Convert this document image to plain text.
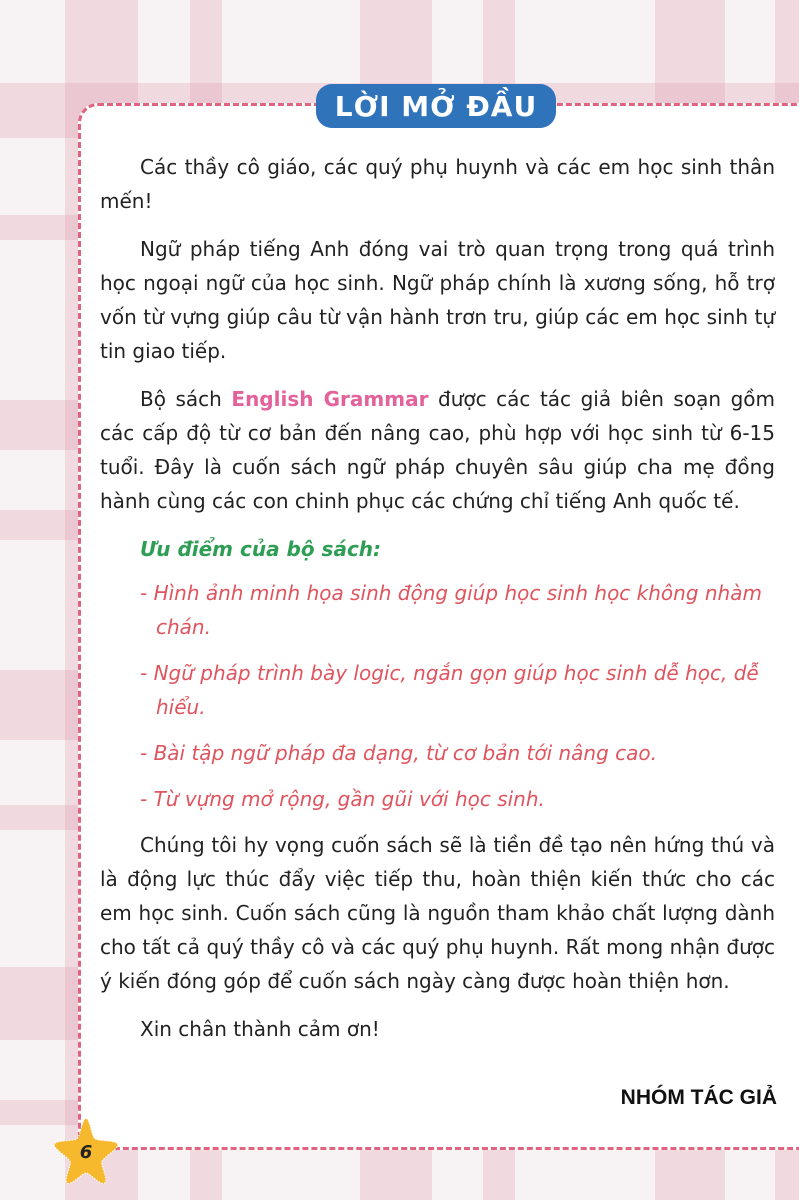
LỜI MỞ ĐẦU

Các thầy cô giáo, các quý phụ huynh và các em học sinh thân mến!

Ngữ pháp tiếng Anh đóng vai trò quan trọng trong quá trình học ngoại ngữ của học sinh. Ngữ pháp chính là xương sống, hỗ trợ vốn từ vựng giúp câu từ vận hành trơn tru, giúp các em học sinh tự tin giao tiếp.

Bộ sách English Grammar được các tác giả biên soạn gồm các cấp độ từ cơ bản đến nâng cao, phù hợp với học sinh từ 6-15 tuổi. Đây là cuốn sách ngữ pháp chuyên sâu giúp cha mẹ đồng hành cùng các con chinh phục các chứng chỉ tiếng Anh quốc tế.

Ưu điểm của bộ sách:

- Hình ảnh minh họa sinh động giúp học sinh học không nhàm chán.

- Ngữ pháp trình bày logic, ngắn gọn giúp học sinh dễ học, dễ hiểu.

- Bài tập ngữ pháp đa dạng, từ cơ bản tới nâng cao.

- Từ vựng mở rộng, gần gũi với học sinh.

Chúng tôi hy vọng cuốn sách sẽ là tiền đề tạo nên hứng thú và là động lực thúc đẩy việc tiếp thu, hoàn thiện kiến thức cho các em học sinh. Cuốn sách cũng là nguồn tham khảo chất lượng dành cho tất cả quý thầy cô và các quý phụ huynh. Rất mong nhận được ý kiến đóng góp để cuốn sách ngày càng được hoàn thiện hơn.

Xin chân thành cảm ơn!

NHÓM TÁC GIẢ
6
